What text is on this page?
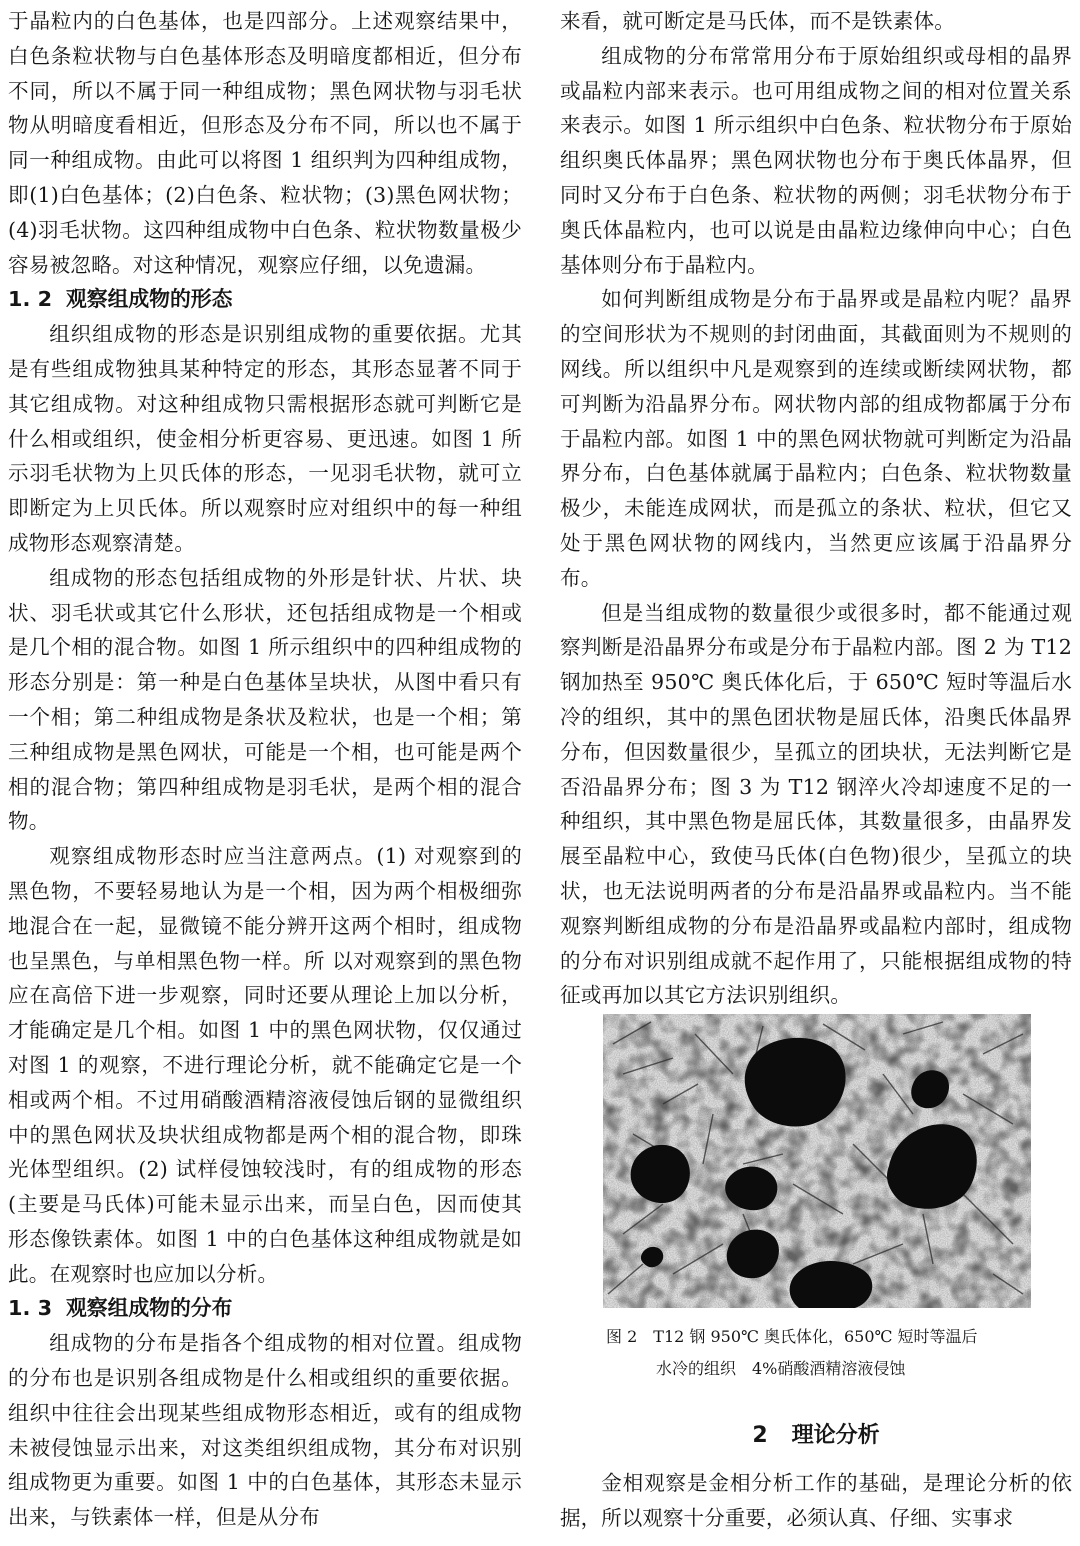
于晶粒内的白色基体，也是四部分。上述观察结果中，白色条粒状物与白色基体形态及明暗度都相近，但分布不同，所以不属于同一种组成物；黑色网状物与羽毛状物从明暗度看相近，但形态及分布不同，所以也不属于同一种组成物。由此可以将图 1 组织判为四种组成物，即(1)白色基体；(2)白色条、粒状物；(3)黑色网状物；(4)羽毛状物。这四种组成物中白色条、粒状物数量极少容易被忽略。对这种情况，观察应仔细，以免遗漏。

1. 2 观察组成物的形态

组织组成物的形态是识别组成物的重要依据。尤其是有些组成物独具某种特定的形态，其形态显著不同于其它组成物。对这种组成物只需根据形态就可判断它是什么相或组织，使金相分析更容易、更迅速。如图 1 所示羽毛状物为上贝氏体的形态，一见羽毛状物，就可立即断定为上贝氏体。所以观察时应对组织中的每一种组成物形态观察清楚。

组成物的形态包括组成物的外形是针状、片状、块状、羽毛状或其它什么形状，还包括组成物是一个相或是几个相的混合物。如图 1 所示组织中的四种组成物的形态分别是：第一种是白色基体呈块状，从图中看只有一个相；第二种组成物是条状及粒状，也是一个相；第三种组成物是黑色网状，可能是一个相，也可能是两个相的混合物；第四种组成物是羽毛状，是两个相的混合物。

观察组成物形态时应当注意两点。(1) 对观察到的黑色物，不要轻易地认为是一个相，因为两个相极细弥地混合在一起，显微镜不能分辨开这两个相时，组成物也呈黑色，与单相黑色物一样。所 以对观察到的黑色物应在高倍下进一步观察，同时还要从理论上加以分析，才能确定是几个相。如图 1 中的黑色网状物，仅仅通过对图 1 的观察，不进行理论分析，就不能确定它是一个相或两个相。不过用硝酸酒精溶液侵蚀后钢的显微组织中的黑色网状及块状组成物都是两个相的混合物，即珠光体型组织。(2) 试样侵蚀较浅时，有的组成物的形态(主要是马氏体)可能未显示出来，而呈白色，因而使其形态像铁素体。如图 1 中的白色基体这种组成物就是如此。在观察时也应加以分析。

1. 3 观察组成物的分布

组成物的分布是指各个组成物的相对位置。组成物的分布也是识别各组成物是什么相或组织的重要依据。组织中往往会出现某些组成物形态相近，或有的组成物未被侵蚀显示出来，对这类组织组成物，其分布对识别组成物更为重要。如图 1 中的白色基体，其形态未显示出来，与铁素体一样，但是从分布

来看，就可断定是马氏体，而不是铁素体。

组成物的分布常常用分布于原始组织或母相的晶界或晶粒内部来表示。也可用组成物之间的相对位置关系来表示。如图 1 所示组织中白色条、粒状物分布于原始组织奥氏体晶界；黑色网状物也分布于奥氏体晶界，但同时又分布于白色条、粒状物的两侧；羽毛状物分布于奥氏体晶粒内，也可以说是由晶粒边缘伸向中心；白色基体则分布于晶粒内。

如何判断组成物是分布于晶界或是晶粒内呢？晶界的空间形状为不规则的封闭曲面，其截面则为不规则的网线。所以组织中凡是观察到的连续或断续网状物，都可判断为沿晶界分布。网状物内部的组成物都属于分布于晶粒内部。如图 1 中的黑色网状物就可判断定为沿晶界分布，白色基体就属于晶粒内；白色条、粒状物数量极少，未能连成网状，而是孤立的条状、粒状，但它又处于黑色网状物的网线内，当然更应该属于沿晶界分布。

但是当组成物的数量很少或很多时，都不能通过观察判断是沿晶界分布或是分布于晶粒内部。图 2 为 T12 钢加热至 950℃ 奥氏体化后，于 650℃ 短时等温后水冷的组织，其中的黑色团状物是屈氏体，沿奥氏体晶界分布，但因数量很少，呈孤立的团块状，无法判断它是否沿晶界分布；图 3 为 T12 钢淬火冷却速度不足的一种组织，其中黑色物是屈氏体，其数量很多，由晶界发展至晶粒中心，致使马氏体(白色物)很少，呈孤立的块状，也无法说明两者的分布是沿晶界或晶粒内。当不能观察判断组成物的分布是沿晶界或晶粒内部时，组成物的分布对识别组成就不起作用了，只能根据组成物的特征或再加以其它方法识别组织。

图 2　T12 钢 950℃ 奥氏体化，650℃ 短时等温后
水冷的组织　4%硝酸酒精溶液侵蚀
2 理论分析

金相观察是金相分析工作的基础，是理论分析的依据，所以观察十分重要，必须认真、仔细、实事求
